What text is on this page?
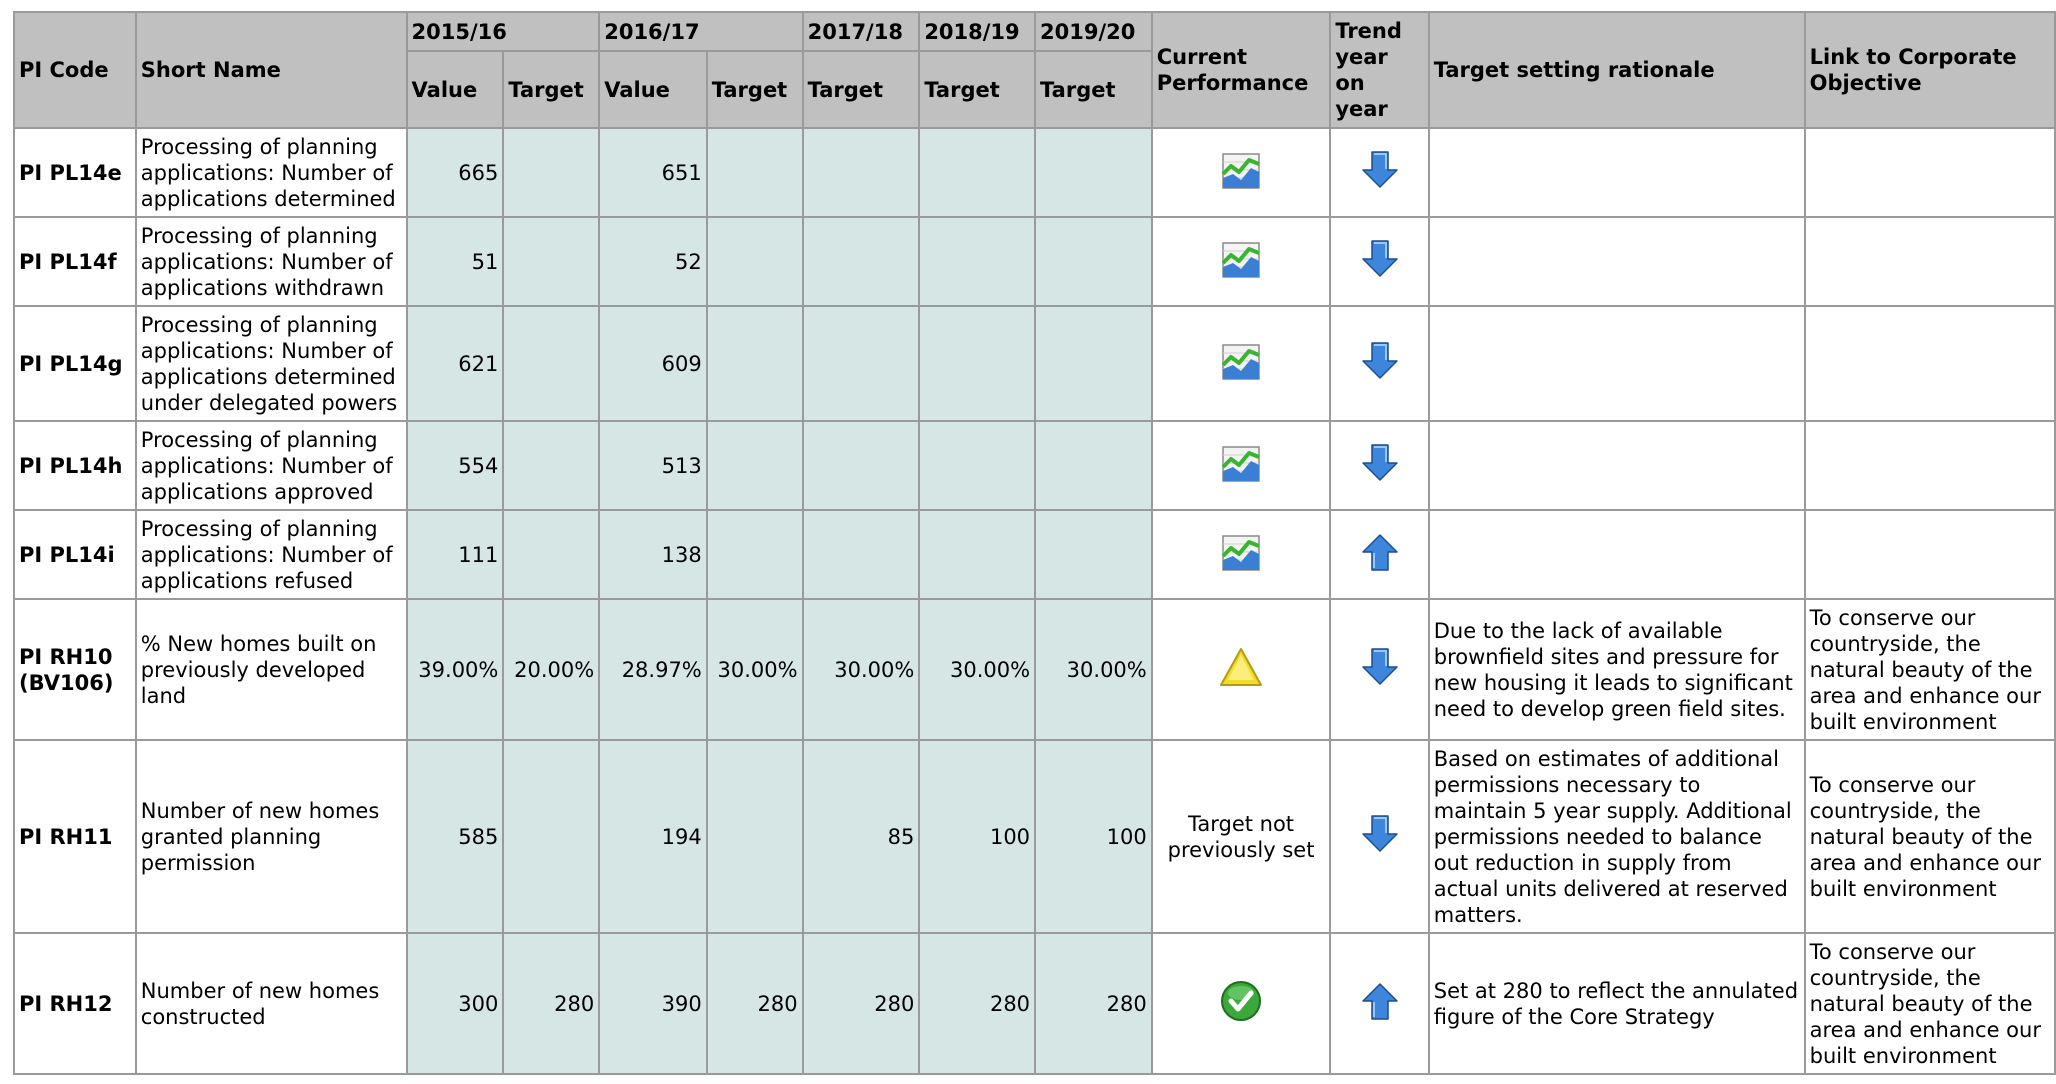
PI Code	Short Name	2015/16		2016/17		2017/18	2018/19	2019/20	Current Performance	Trend
year
on
year	Target setting rationale	Link to Corporate Objective
		Value	Target	Value	Target	Target	Target	Target				
PI PL14e	Processing of planning applications: Number of applications determined	665		651								
PI PL14f	Processing of planning applications: Number of applications withdrawn	51		52								
PI PL14g	Processing of planning applications: Number of applications determined under delegated powers	621		609								
PI PL14h	Processing of planning applications: Number of applications approved	554		513								
PI PL14i	Processing of planning applications: Number of applications refused	111		138								
PI RH10 (BV106)	% New homes built on previously developed land	39.00%	20.00%	28.97%	30.00%	30.00%	30.00%	30.00%			Due to the lack of available brownfield sites and pressure for new housing it leads to significant need to develop green field sites.	To conserve our countryside, the natural beauty of the area and enhance our built environment
PI RH11	Number of new homes granted planning permission	585		194		85	100	100	Target not previously set		Based on estimates of additional permissions necessary to maintain 5 year supply. Additional permissions needed to balance out reduction in supply from actual units delivered at reserved matters.	To conserve our countryside, the natural beauty of the area and enhance our built environment
PI RH12	Number of new homes constructed	300	280	390	280	280	280	280			Set at 280 to reflect the annulated figure of the Core Strategy	To conserve our countryside, the natural beauty of the area and enhance our built environment
